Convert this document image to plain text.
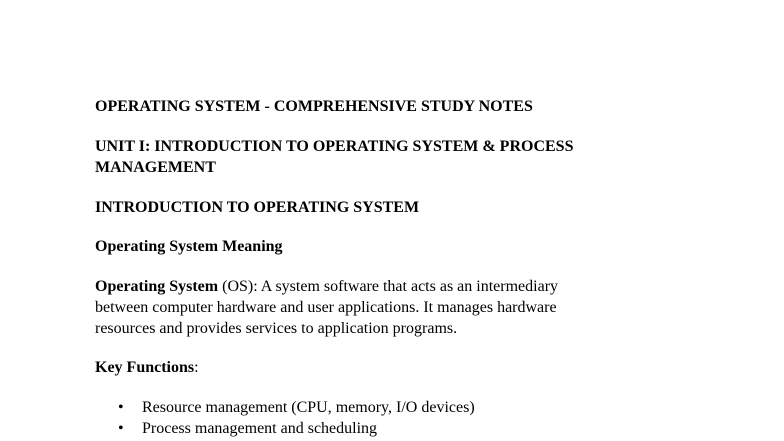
OPERATING SYSTEM - COMPREHENSIVE STUDY NOTES

UNIT I: INTRODUCTION TO OPERATING SYSTEM & PROCESS

MANAGEMENT

INTRODUCTION TO OPERATING SYSTEM

Operating System Meaning

Operating System (OS): A system software that acts as an intermediary
between computer hardware and user applications. It manages hardware
resources and provides services to application programs.

Key Functions:

• Resource management (CPU, memory, I/O devices)
• Process management and scheduling
